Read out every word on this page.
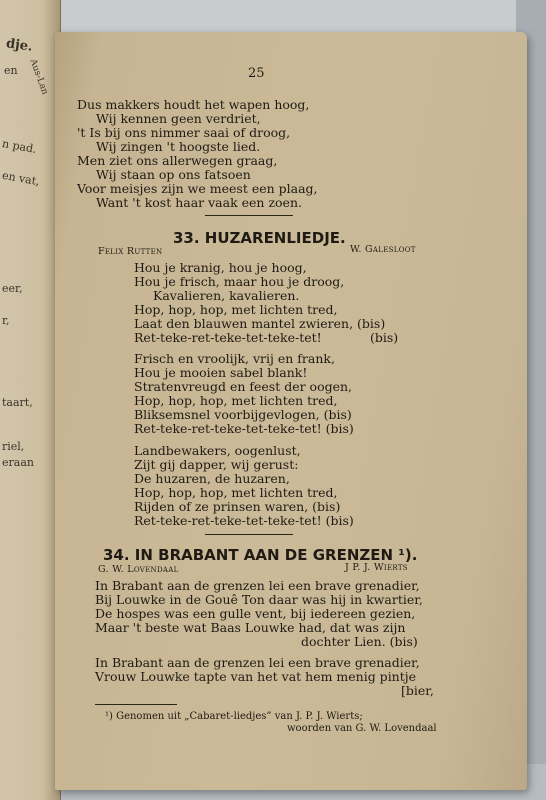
dje.
en Aus-Lan
n pad.
en vat,
eer,
r,
taart,
riel,
eraan
25
Dus makkers houdt het wapen hoog,
Wij kennen geen verdriet,
't Is bij ons nimmer saai of droog,
Wij zingen 't hoogste lied.
Men ziet ons allerwegen graag,
Wij staan op ons fatsoen
Voor meisjes zijn we meest een plaag,
Want 't kost haar vaak een zoen.
33. HUZARENLIEDJE.
Felix Rutten	W. Galesloot
Hou je kranig, hou je hoog,
Hou je frisch, maar hou je droog,
Kavalieren, kavalieren.
Hop, hop, hop, met lichten tred,
Laat den blauwen mantel zwieren, (bis)
Ret-teke-ret-teke-tet-teke-tet!	(bis)
Frisch en vroolijk, vrij en frank,
Hou je mooien sabel blank!
Stratenvreugd en feest der oogen,
Hop, hop, hop, met lichten tred,
Bliksemsnel voorbijgevlogen, (bis)
Ret-teke-ret-teke-tet-teke-tet! (bis)
Landbewakers, oogenlust,
Zijt gij dapper, wij gerust:
De huzaren, de huzaren,
Hop, hop, hop, met lichten tred,
Rijden of ze prinsen waren, (bis)
Ret-teke-ret-teke-tet-teke-tet! (bis)
34. IN BRABANT AAN DE GRENZEN ¹).
G. W. Lovendaal	J P. J. Wierts
In Brabant aan de grenzen lei een brave grenadier,
Bij Louwke in de Gouê Ton daar was hij in kwartier,
De hospes was een gulle vent, bij iedereen gezien,
Maar 't beste wat Baas Louwke had, dat was zijn
dochter Lien. (bis)
In Brabant aan de grenzen lei een brave grenadier,
Vrouw Louwke tapte van het vat hem menig pintje
[bier,
¹) Genomen uit „Cabaret-liedjes” van J. P. J. Wierts;
woorden van G. W. Lovendaal
